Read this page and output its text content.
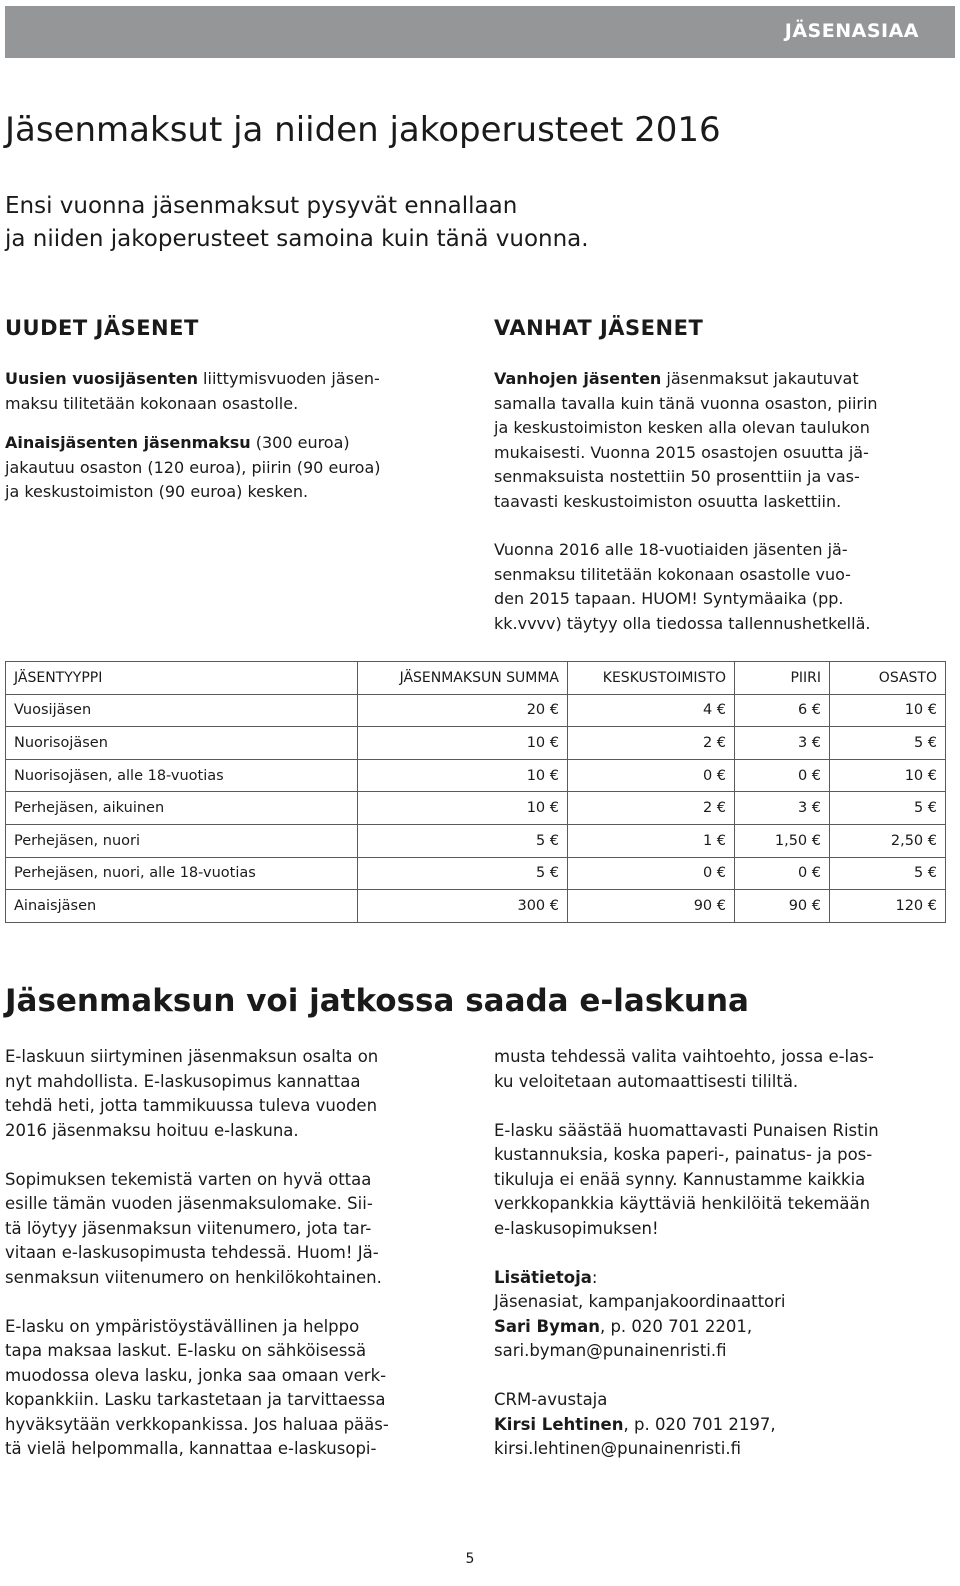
JÄSENASIAA
Jäsenmaksut ja niiden jakoperusteet 2016
Ensi vuonna jäsenmaksut pysyvät ennallaan
ja niiden jakoperusteet samoina kuin tänä vuonna.
UUDET JÄSENET
Uusien vuosijäsenten liittymisvuoden jäsen-
maksu tilitetään kokonaan osastolle.
Ainaisjäsenten jäsenmaksu (300 euroa)
jakautuu osaston (120 euroa), piirin (90 euroa)
ja keskustoimiston (90 euroa) kesken.
VANHAT JÄSENET
Vanhojen jäsenten jäsenmaksut jakautuvat
samalla tavalla kuin tänä vuonna osaston, piirin
ja keskustoimiston kesken alla olevan taulukon
mukaisesti. Vuonna 2015 osastojen osuutta jä-
senmaksuista nostettiin 50 prosenttiin ja vas-
taavasti keskustoimiston osuutta laskettiin.
Vuonna 2016 alle 18-vuotiaiden jäsenten jä-
senmaksu tilitetään kokonaan osastolle vuo-
den 2015 tapaan. HUOM! Syntymäaika (pp.
kk.vvvv) täytyy olla tiedossa tallennushetkellä.
JÄSENTYYPPI	JÄSENMAKSUN SUMMA	KESKUSTOIMISTO	PIIRI	OSASTO
Vuosijäsen	20 €	4 €	6 €	10 €
Nuorisojäsen	10 €	2 €	3 €	5 €
Nuorisojäsen, alle 18-vuotias	10 €	0 €	0 €	10 €
Perhejäsen, aikuinen	10 €	2 €	3 €	5 €
Perhejäsen, nuori	5 €	1 €	1,50 €	2,50 €
Perhejäsen, nuori, alle 18-vuotias	5 €	0 €	0 €	5 €
Ainaisjäsen	300 €	90 €	90 €	120 €
Jäsenmaksun voi jatkossa saada e-laskuna
E-laskuun siirtyminen jäsenmaksun osalta on
nyt mahdollista. E-laskusopimus kannattaa
tehdä heti, jotta tammikuussa tuleva vuoden
2016 jäsenmaksu hoituu e-laskuna.
Sopimuksen tekemistä varten on hyvä ottaa
esille tämän vuoden jäsenmaksulomake. Sii-
tä löytyy jäsenmaksun viitenumero, jota tar-
vitaan e-laskusopimusta tehdessä. Huom! Jä-
senmaksun viitenumero on henkilökohtainen.
E-lasku on ympäristöystävällinen ja helppo
tapa maksaa laskut. E-lasku on sähköisessä
muodossa oleva lasku, jonka saa omaan verk-
kopankkiin. Lasku tarkastetaan ja tarvittaessa
hyväksytään verkkopankissa. Jos haluaa pääs-
tä vielä helpommalla, kannattaa e-laskusopi-
musta tehdessä valita vaihtoehto, jossa e-las-
ku veloitetaan automaattisesti tililtä.
E-lasku säästää huomattavasti Punaisen Ristin
kustannuksia, koska paperi-, painatus- ja pos-
tikuluja ei enää synny. Kannustamme kaikkia
verkkopankkia käyttäviä henkilöitä tekemään
e-laskusopimuksen!
Lisätietoja:
Jäsenasiat, kampanjakoordinaattori
Sari Byman, p. 020 701 2201,
sari.byman@punainenristi.fi
CRM-avustaja
Kirsi Lehtinen, p. 020 701 2197,
kirsi.lehtinen@punainenristi.fi
5
